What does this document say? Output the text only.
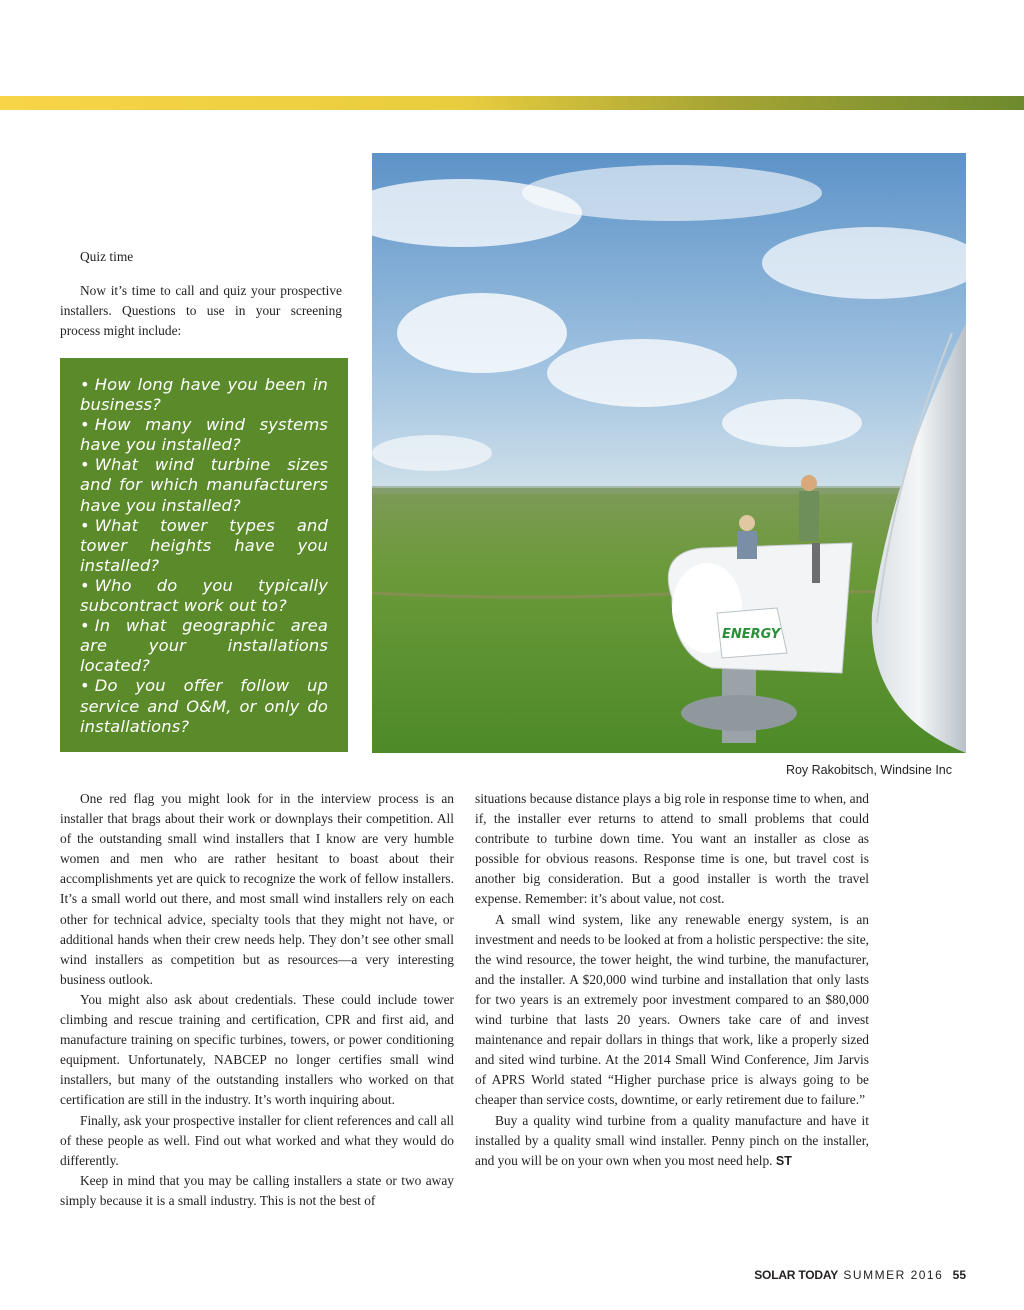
ENERGY
Roy Rakobitsch, Windsine Inc

Quiz time

Now it’s time to call and quiz your prospective installers. Questions to use in your screening process might include:

• How long have you been in business?
• How many wind systems have you installed?
• What wind turbine sizes and for which manufacturers have you installed?
• What tower types and tower heights have you installed?
• Who do you typically subcontract work out to?
• In what geographic area are your installations located?
• Do you offer follow up service and O&M, or only do installations?

One red flag you might look for in the interview process is an installer that brags about their work or downplays their competition. All of the outstanding small wind installers that I know are very humble women and men who are rather hesitant to boast about their accomplishments yet are quick to recognize the work of fellow installers. It’s a small world out there, and most small wind installers rely on each other for technical advice, specialty tools that they might not have, or additional hands when their crew needs help. They don’t see other small wind installers as competition but as resources—a very interesting business outlook.

You might also ask about credentials. These could include tower climbing and rescue training and certification, CPR and first aid, and manufacture training on specific turbines, towers, or power conditioning equipment. Unfortunately, NABCEP no longer certifies small wind installers, but many of the outstanding installers who worked on that certification are still in the industry. It’s worth inquiring about.

Finally, ask your prospective installer for client references and call all of these people as well. Find out what worked and what they would do differently.

Keep in mind that you may be calling installers a state or two away simply because it is a small industry. This is not the best of

situations because distance plays a big role in response time to when, and if, the installer ever returns to attend to small problems that could contribute to turbine down time. You want an installer as close as possible for obvious reasons. Response time is one, but travel cost is another big consideration. But a good installer is worth the travel expense. Remember: it’s about value, not cost.

A small wind system, like any renewable energy system, is an investment and needs to be looked at from a holistic perspective: the site, the wind resource, the tower height, the wind turbine, the manufacturer, and the installer. A $20,000 wind turbine and installation that only lasts for two years is an extremely poor investment compared to an $80,000 wind turbine that lasts 20 years. Owners take care of and invest maintenance and repair dollars in things that work, like a properly sized and sited wind turbine. At the 2014 Small Wind Conference, Jim Jarvis of APRS World stated “Higher purchase price is always going to be cheaper than service costs, downtime, or early retirement due to failure.”

Buy a quality wind turbine from a quality manufacture and have it installed by a quality small wind installer. Penny pinch on the installer, and you will be on your own when you most need help. ST

SOLAR TODAY SUMMER 2016 55
